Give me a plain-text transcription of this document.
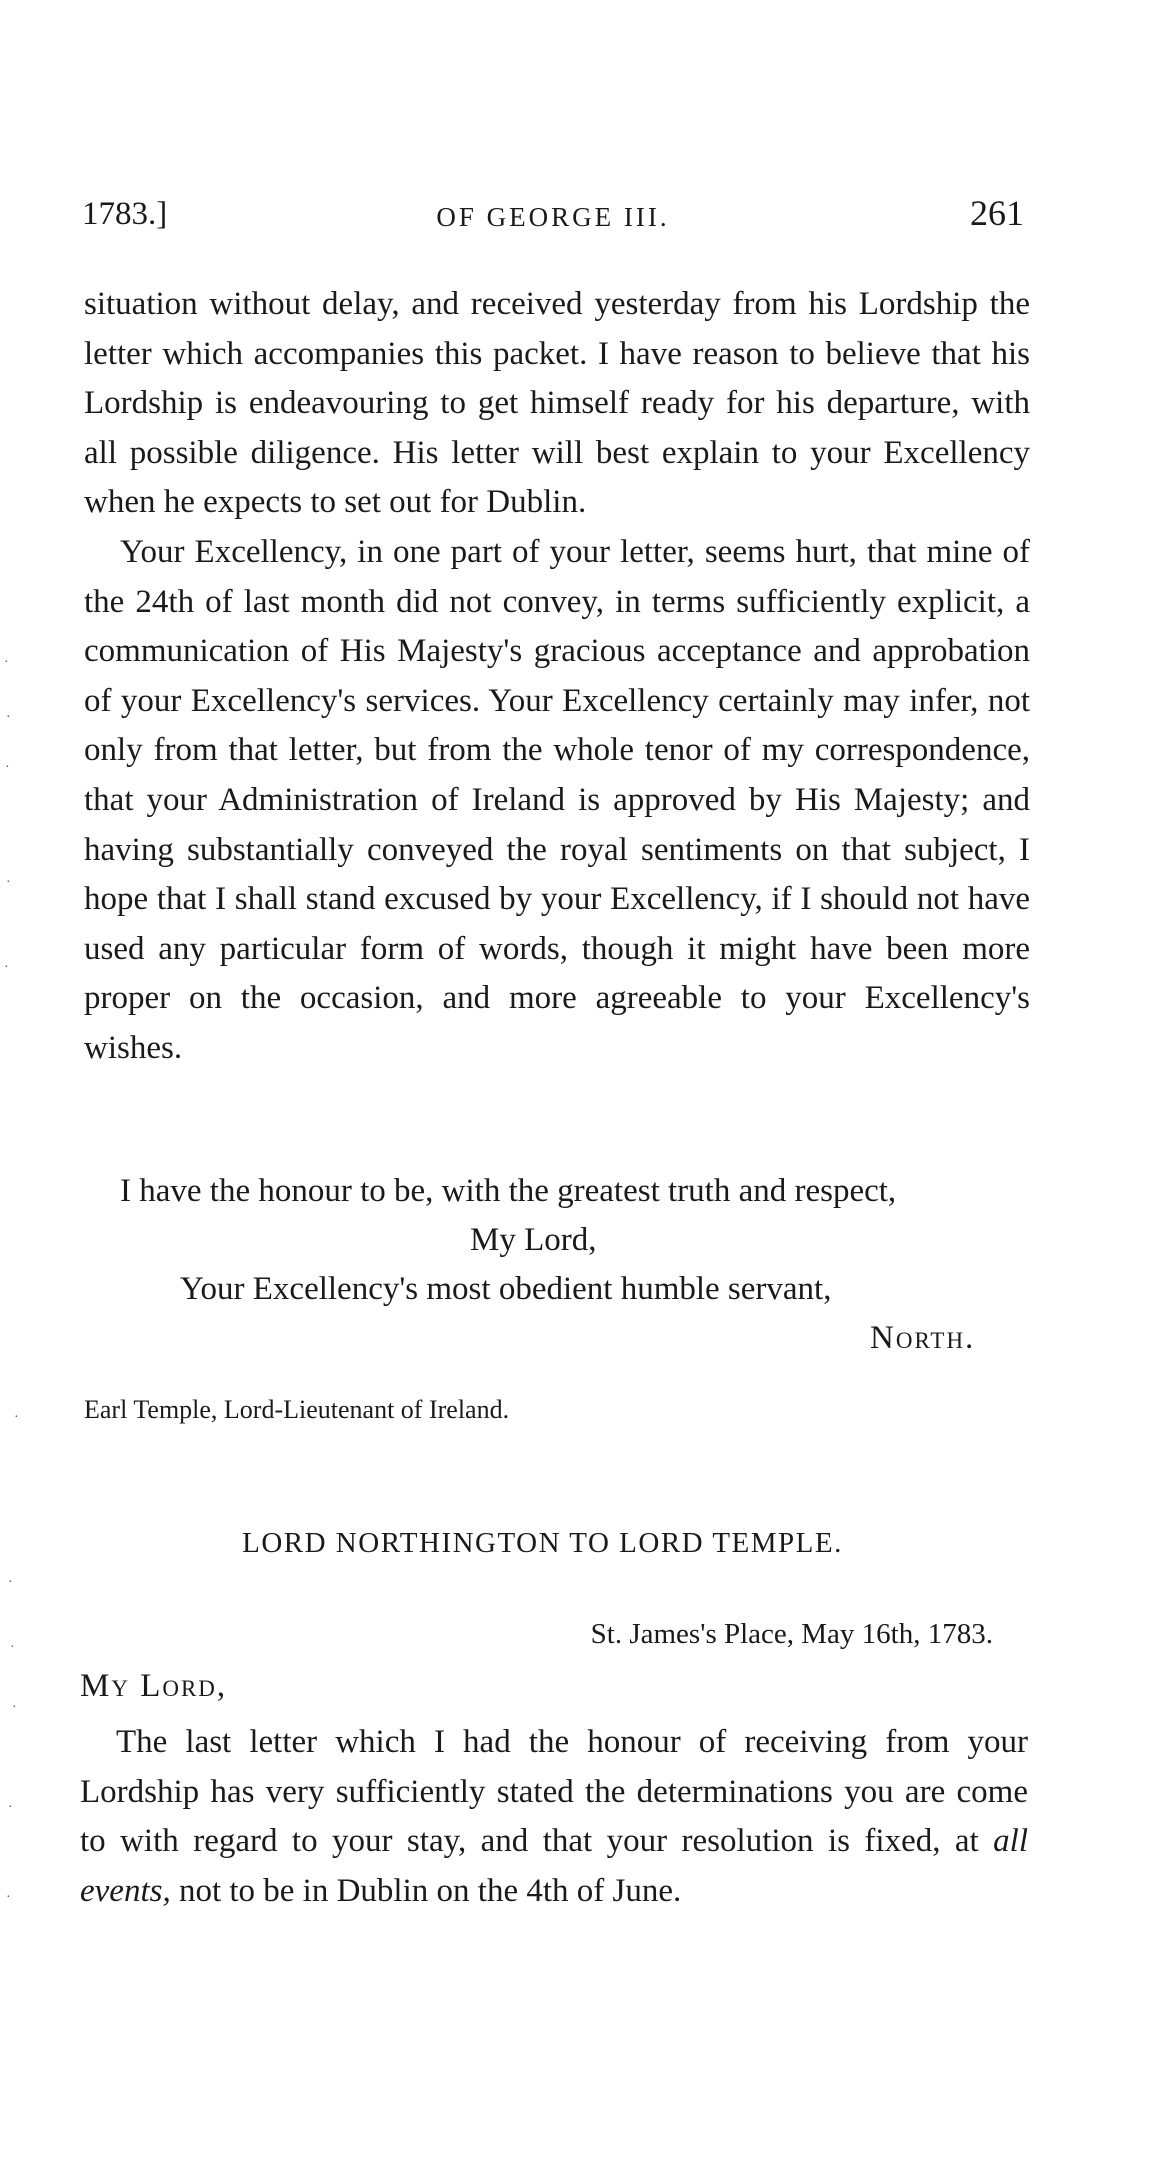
1783.]	OF GEORGE III.	261

situation without delay, and received yesterday from his Lordship the letter which accompanies this packet. I have reason to believe that his Lordship is endeavouring to get himself ready for his departure, with all possible diligence. His letter will best explain to your Excellency when he expects to set out for Dublin.

Your Excellency, in one part of your letter, seems hurt, that mine of the 24th of last month did not convey, in terms sufficiently explicit, a communication of His Majesty's gracious acceptance and approbation of your Excellency's services. Your Excellency certainly may infer, not only from that letter, but from the whole tenor of my correspondence, that your Administration of Ireland is approved by His Majesty; and having substantially conveyed the royal sentiments on that subject, I hope that I shall stand excused by your Excellency, if I should not have used any particular form of words, though it might have been more proper on the occasion, and more agreeable to your Excellency's wishes.

I have the honour to be, with the greatest truth and respect,
My Lord,
Your Excellency's most obedient humble servant,
North.
Earl Temple, Lord-Lieutenant of Ireland.
LORD NORTHINGTON TO LORD TEMPLE.
St. James's Place, May 16th, 1783.
My Lord,
The last letter which I had the honour of receiving from your Lordship has very sufficiently stated the determinations you are come to with regard to your stay, and that your resolution is fixed, at all events, not to be in Dublin on the 4th of June.
·
·
·
·
·
·
·
·
·
·
·
